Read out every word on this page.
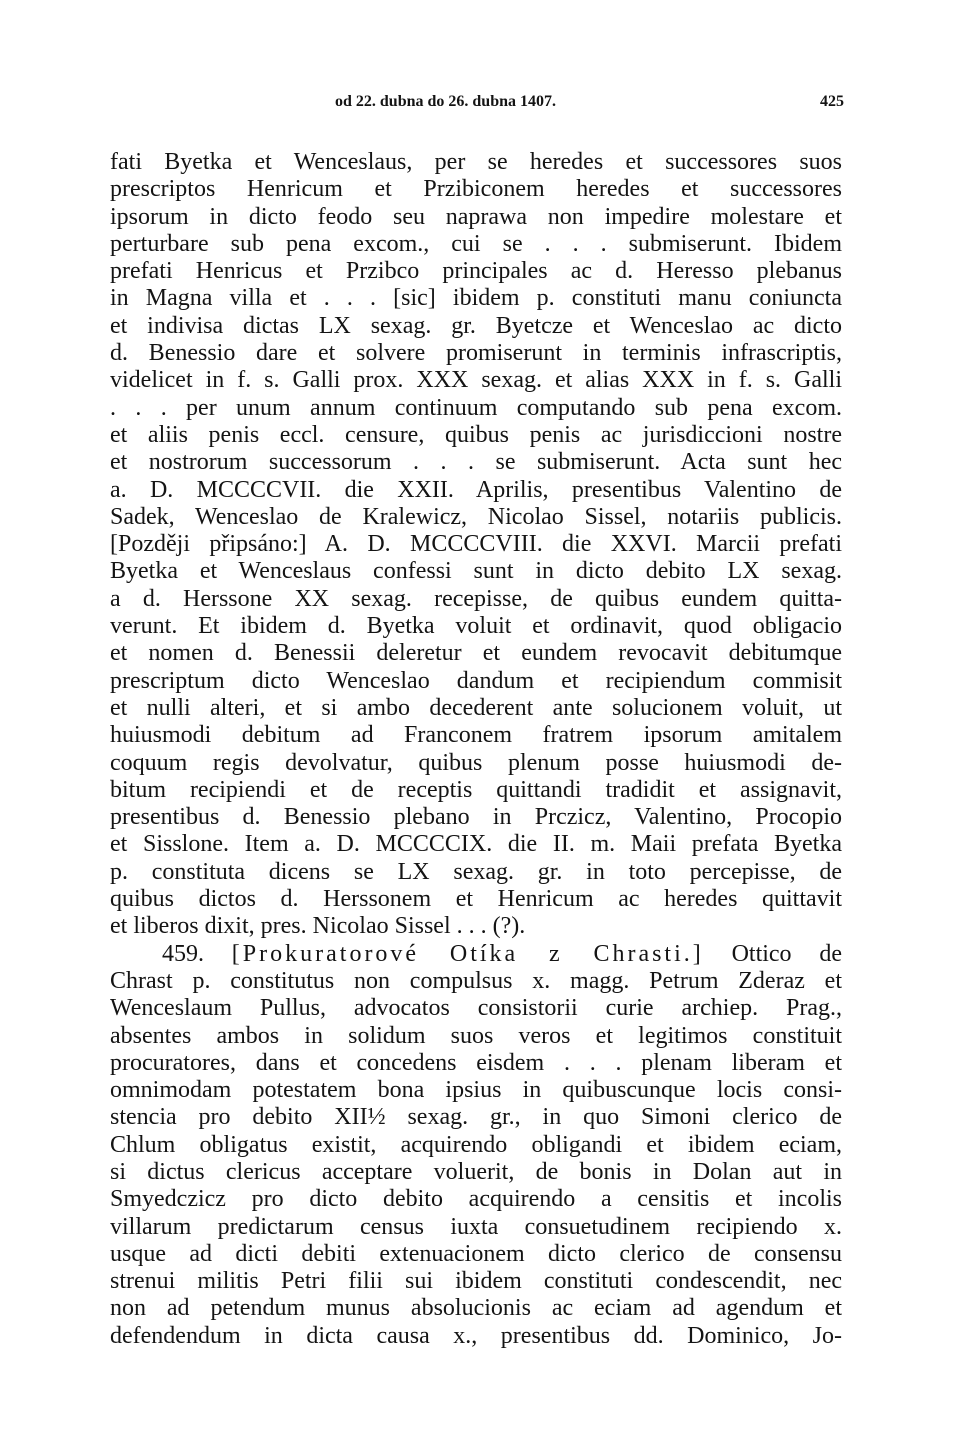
od 22. dubna do 26. dubna 1407.	425
fati Byetka et Wenceslaus, per se heredes et successores suos
prescriptos Henricum et Przibiconem heredes et successores
ipsorum in dicto feodo seu naprawa non impedire molestare et
perturbare sub pena excom., cui se . . . submiserunt. Ibidem
prefati Henricus et Przibco principales ac d. Heresso plebanus
in Magna villa et . . . [sic] ibidem p. constituti manu coniuncta
et indivisa dictas LX sexag. gr. Byetcze et Wenceslao ac dicto
d. Benessio dare et solvere promiserunt in terminis infrascriptis,
videlicet in f. s. Galli prox. XXX sexag. et alias XXX in f. s. Galli
. . . per unum annum continuum computando sub pena excom.
et aliis penis eccl. censure, quibus penis ac jurisdiccioni nostre
et nostrorum successorum . . . se submiserunt. Acta sunt hec
a. D. MCCCCVII. die XXII. Aprilis, presentibus Valentino de
Sadek, Wenceslao de Kralewicz, Nicolao Sissel, notariis publicis.
[Později připsáno:] A. D. MCCCCVIII. die XXVI. Marcii prefati
Byetka et Wenceslaus confessi sunt in dicto debito LX sexag.
a d. Herssone XX sexag. recepisse, de quibus eundem quitta-
verunt. Et ibidem d. Byetka voluit et ordinavit, quod obligacio
et nomen d. Benessii deleretur et eundem revocavit debitumque
prescriptum dicto Wenceslao dandum et recipiendum commisit
et nulli alteri, et si ambo decederent ante solucionem voluit, ut
huiusmodi debitum ad Franconem fratrem ipsorum amitalem
coquum regis devolvatur, quibus plenum posse huiusmodi de-
bitum recipiendi et de receptis quittandi tradidit et assignavit,
presentibus d. Benessio plebano in Prczicz, Valentino, Procopio
et Sisslone. Item a. D. MCCCCIX. die II. m. Maii prefata Byetka
p. constituta dicens se LX sexag. gr. in toto percepisse, de
quibus dictos d. Herssonem et Henricum ac heredes quittavit
et liberos dixit, pres. Nicolao Sissel . . . (?).
459. [Prokuratorové Otíka z Chrasti.] Ottico de
Chrast p. constitutus non compulsus x. magg. Petrum Zderaz et
Wenceslaum Pullus, advocatos consistorii curie archiep. Prag.,
absentes ambos in solidum suos veros et legitimos constituit
procuratores, dans et concedens eisdem . . . plenam liberam et
omnimodam potestatem bona ipsius in quibuscunque locis consi-
stencia pro debito XII½ sexag. gr., in quo Simoni clerico de
Chlum obligatus existit, acquirendo obligandi et ibidem eciam,
si dictus clericus acceptare voluerit, de bonis in Dolan aut in
Smyedczicz pro dicto debito acquirendo a censitis et incolis
villarum predictarum census iuxta consuetudinem recipiendo x.
usque ad dicti debiti extenuacionem dicto clerico de consensu
strenui militis Petri filii sui ibidem constituti condescendit, nec
non ad petendum munus absolucionis ac eciam ad agendum et
defendendum in dicta causa x., presentibus dd. Dominico, Jo-
